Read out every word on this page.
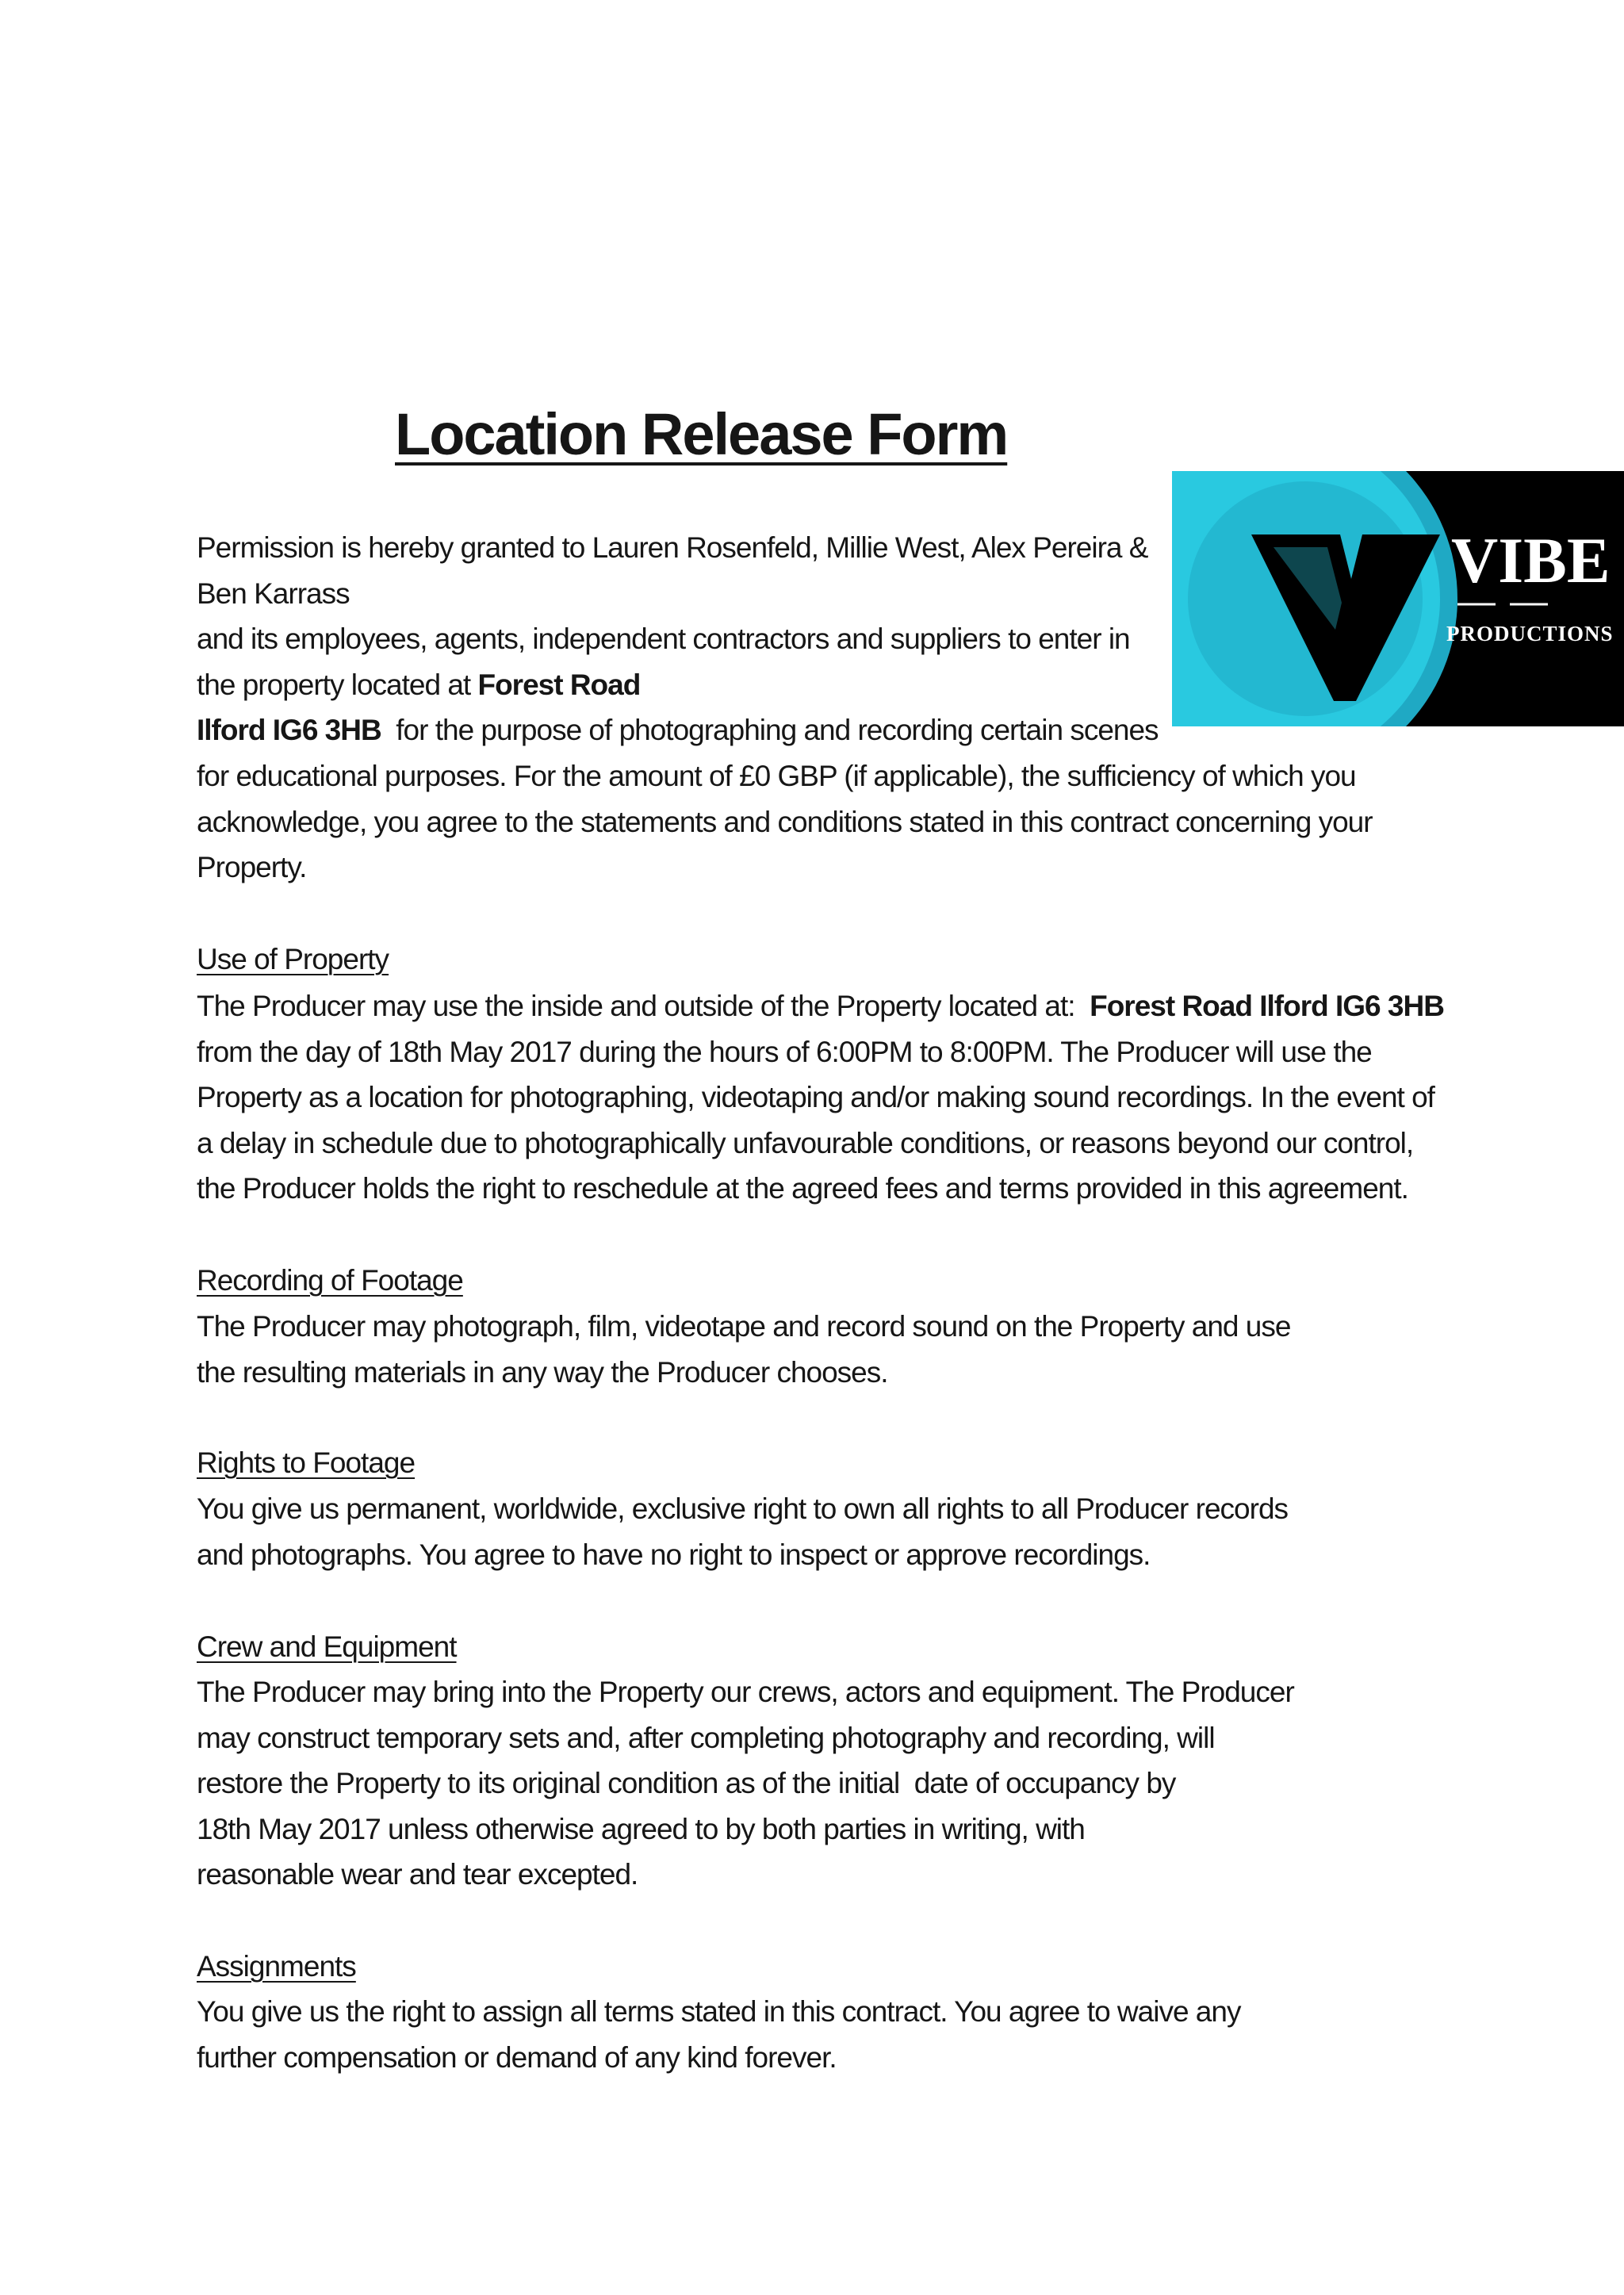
Location Release Form
VIBE
PRODUCTIONS
Permission is hereby granted to Lauren Rosenfeld, Millie West, Alex Pereira &
Ben Karrass
and its employees, agents, independent contractors and suppliers to enter in
the property located at Forest Road
Ilford IG6 3HB  for the purpose of photographing and recording certain scenes
for educational purposes. For the amount of £0 GBP (if applicable), the sufficiency of which you
acknowledge, you agree to the statements and conditions stated in this contract concerning your
Property.
Use of Property
The Producer may use the inside and outside of the Property located at:  Forest Road Ilford IG6 3HB
from the day of 18th May 2017 during the hours of 6:00PM to 8:00PM. The Producer will use the
Property as a location for photographing, videotaping and/or making sound recordings. In the event of
a delay in schedule due to photographically unfavourable conditions, or reasons beyond our control,
the Producer holds the right to reschedule at the agreed fees and terms provided in this agreement.
Recording of Footage
The Producer may photograph, film, videotape and record sound on the Property and use
the resulting materials in any way the Producer chooses.
Rights to Footage
You give us permanent, worldwide, exclusive right to own all rights to all Producer records
and photographs. You agree to have no right to inspect or approve recordings.
Crew and Equipment
The Producer may bring into the Property our crews, actors and equipment. The Producer
may construct temporary sets and, after completing photography and recording, will
restore the Property to its original condition as of the initial  date of occupancy by
18th May 2017 unless otherwise agreed to by both parties in writing, with
reasonable wear and tear excepted.
Assignments
You give us the right to assign all terms stated in this contract. You agree to waive any
further compensation or demand of any kind forever.
